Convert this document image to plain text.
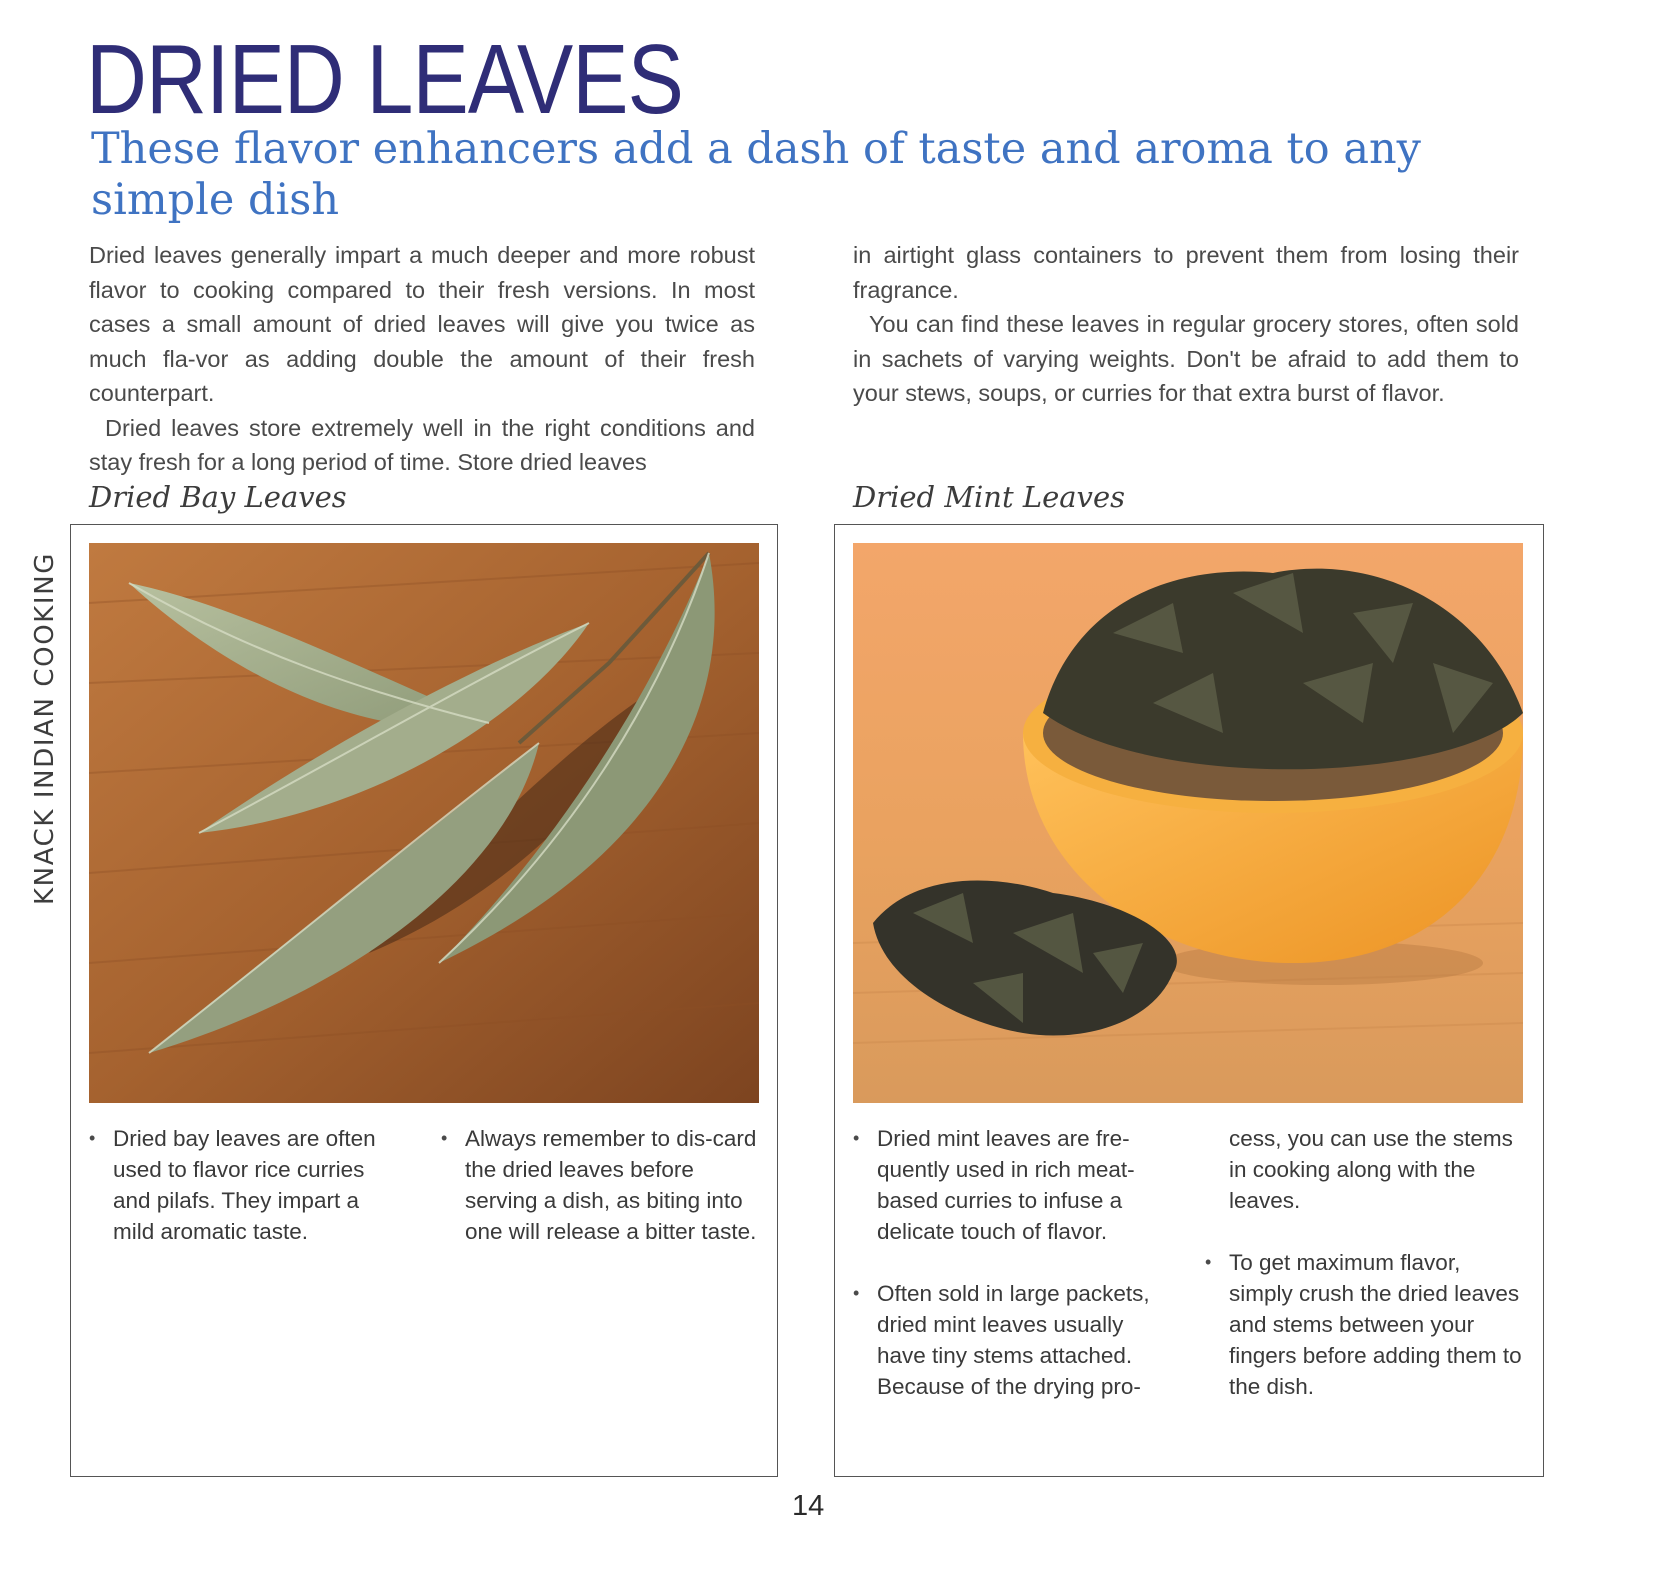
DRIED LEAVES
These flavor enhancers add a dash of taste and aroma to any simple dish

Dried leaves generally impart a much deeper and more robust flavor to cooking compared to their fresh versions. In most cases a small amount of dried leaves will give you twice as much fla-vor as adding double the amount of their fresh counterpart.

Dried leaves store extremely well in the right conditions and stay fresh for a long period of time. Store dried leaves

in airtight glass containers to prevent them from losing their fragrance.

You can find these leaves in regular grocery stores, often sold in sachets of varying weights. Don't be afraid to add them to your stews, soups, or curries for that extra burst of flavor.

KNACK INDIAN COOKING
Dried Bay Leaves	Dried Mint Leaves
• Dried bay leaves are often used to flavor rice curries and pilafs. They impart a mild aromatic taste.
• Always remember to dis-card the dried leaves before serving a dish, as biting into one will release a bitter taste.
• Dried mint leaves are fre-quently used in rich meat-based curries to infuse a delicate touch of flavor.
• Often sold in large packets, dried mint leaves usually have tiny stems attached. Because of the drying pro-
cess, you can use the stems in cooking along with the leaves.
• To get maximum flavor, simply crush the dried leaves and stems between your fingers before adding them to the dish.
14
